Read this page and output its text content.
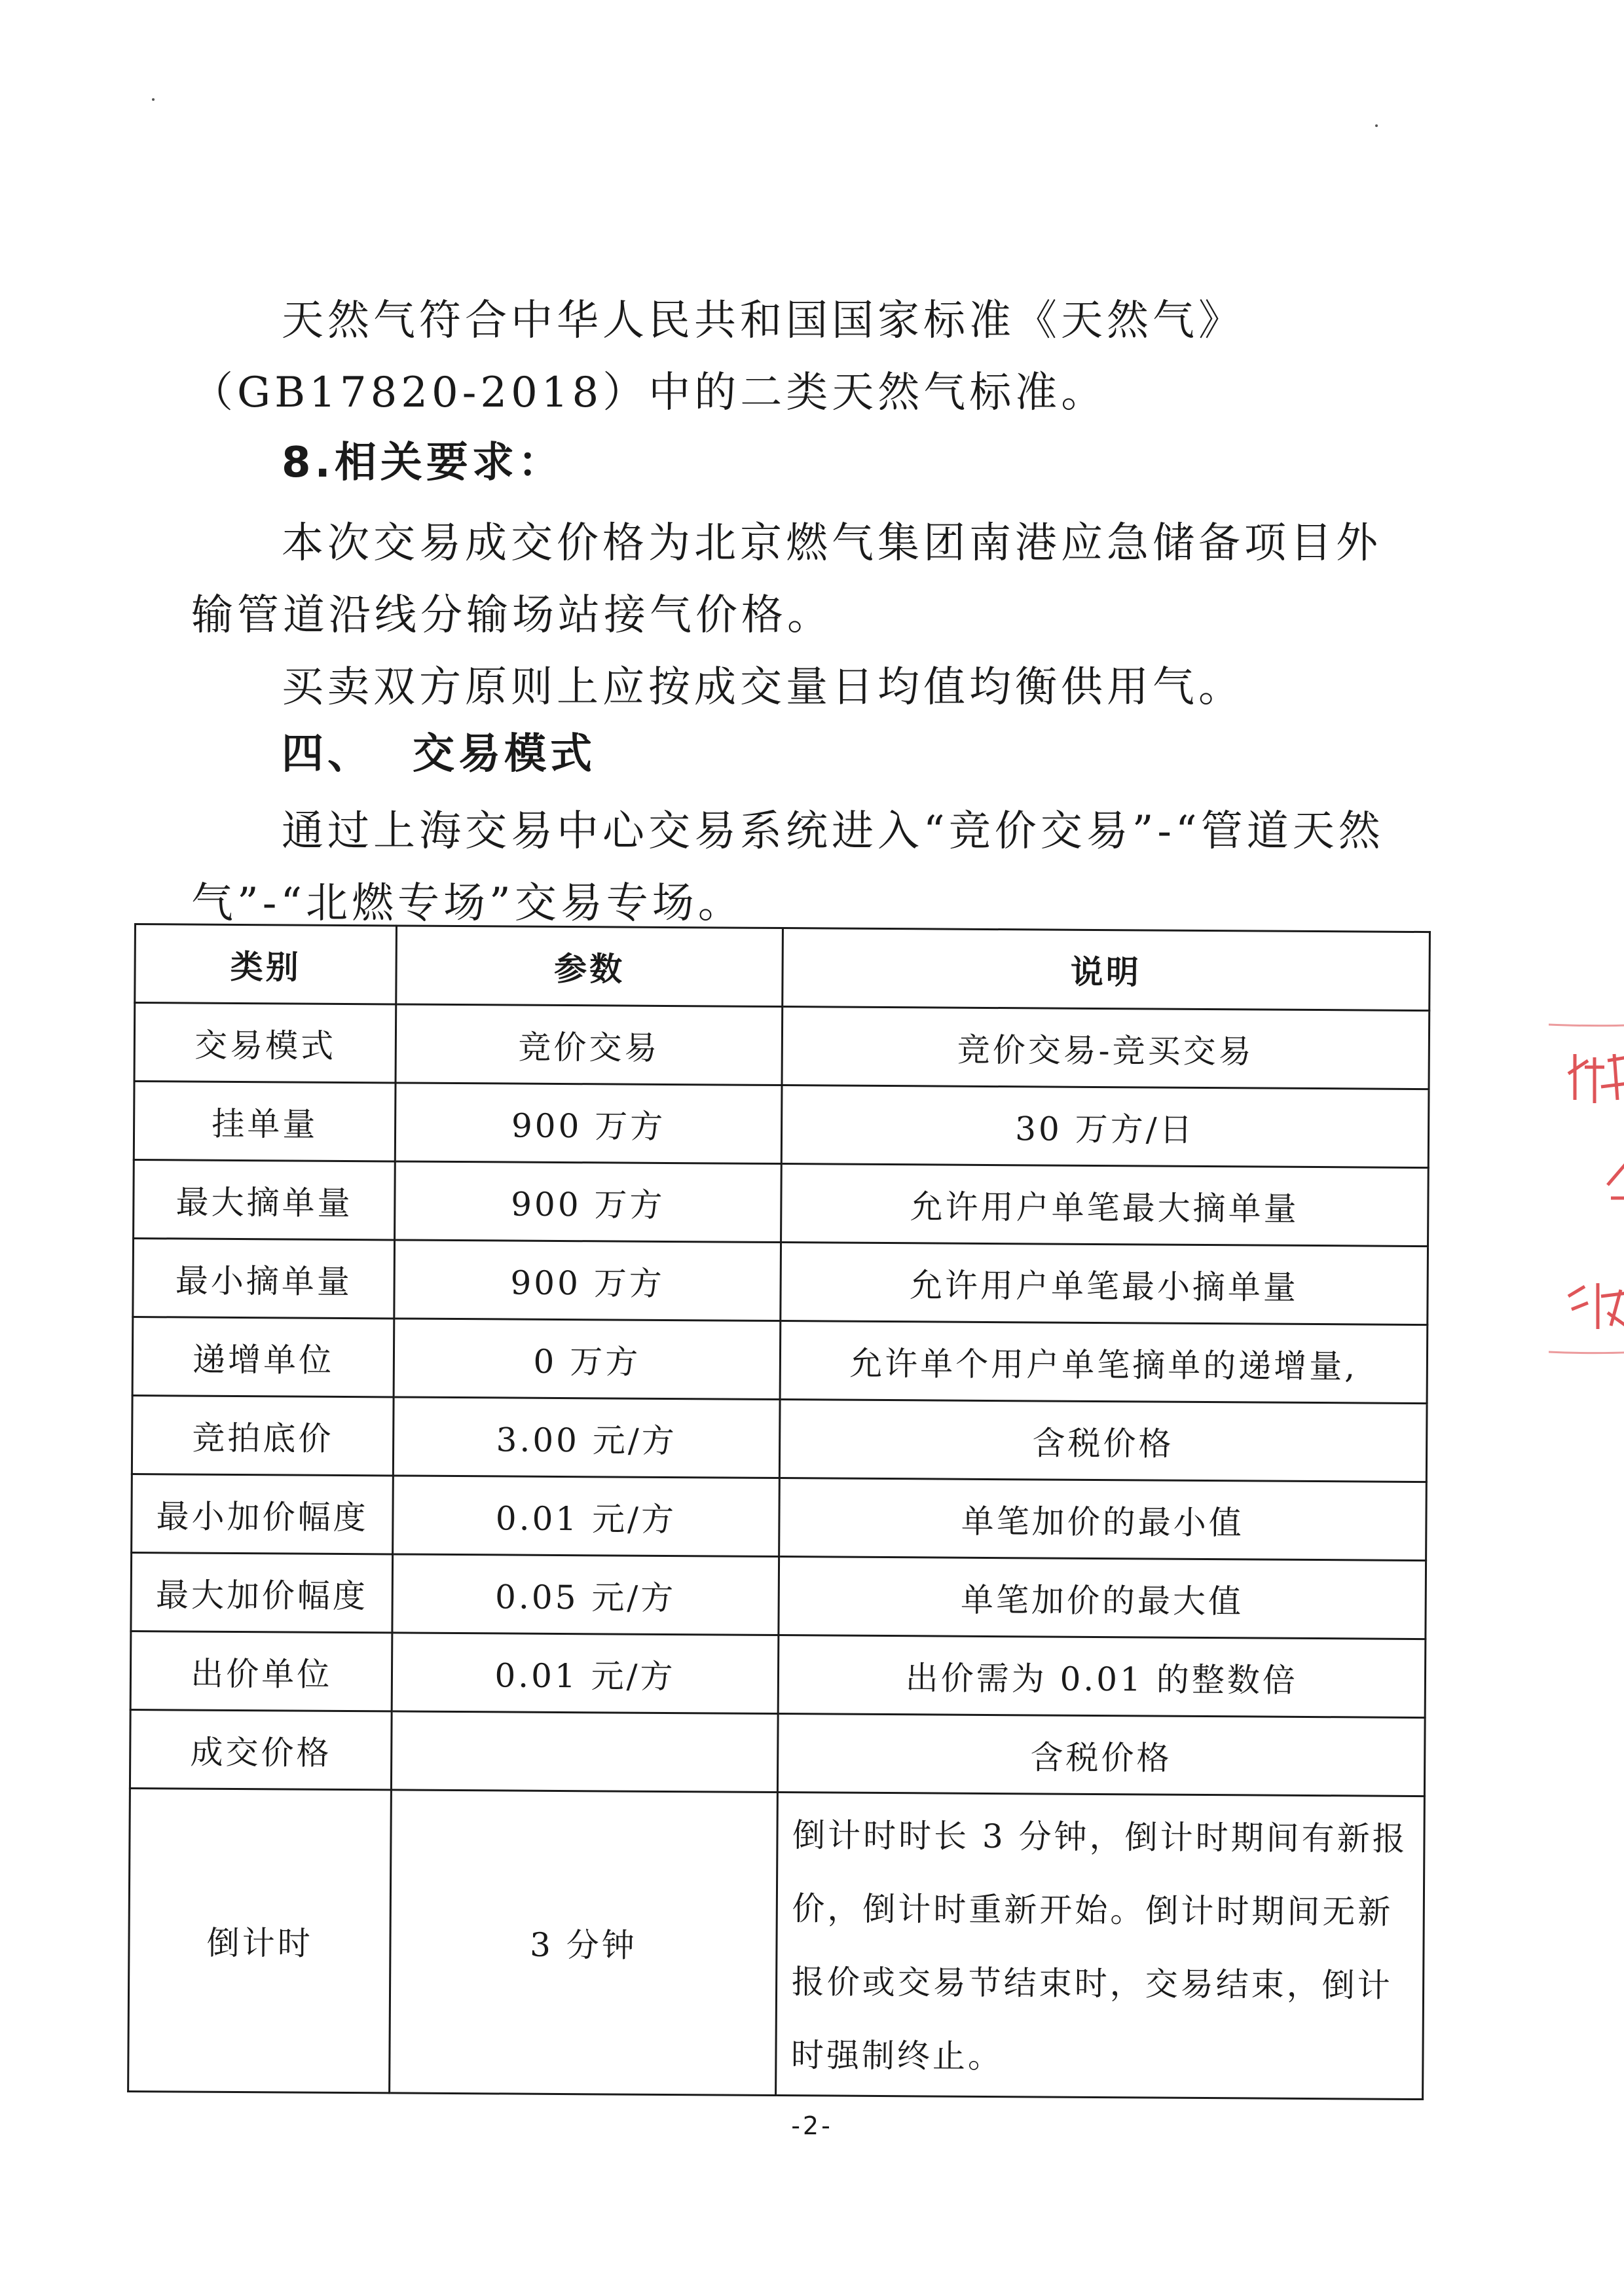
天然气符合中华人民共和国国家标准《天然气》（GB17820-2018）中的二类天然气标准。

8.相关要求：

本次交易成交价格为北京燃气集团南港应急储备项目外输管道沿线分输场站接气价格。

买卖双方原则上应按成交量日均值均衡供用气。

四、 交易模式

通过上海交易中心交易系统进入“竞价交易”-“管道天然气”-“北燃专场”交易专场。

类别	参数	说明
交易模式	竞价交易	竞价交易-竞买交易
挂单量	900 万方	30 万方/日
最大摘单量	900 万方	允许用户单笔最大摘单量
最小摘单量	900 万方	允许用户单笔最小摘单量
递增单位	0 万方	允许单个用户单笔摘单的递增量,
竞拍底价	3.00 元/方	含税价格
最小加价幅度	0.01 元/方	单笔加价的最小值
最大加价幅度	0.05 元/方	单笔加价的最大值
出价单位	0.01 元/方	出价需为 0.01 的整数倍
成交价格		含税价格
倒计时	3 分钟	倒计时时长 3 分钟，倒计时期间有新报价，倒计时重新开始。倒计时期间无新报价或交易节结束时，交易结束，倒计时强制终止。
-2-
